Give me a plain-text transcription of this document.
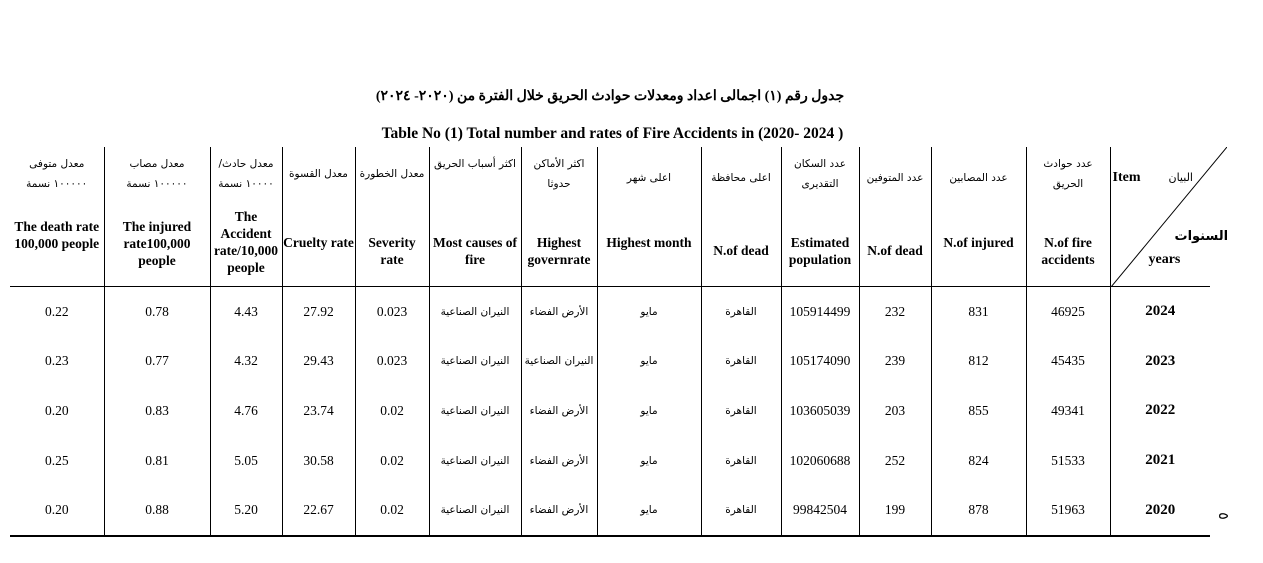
جدول رقم (١) اجمالى اعداد ومعدلات حوادث الحريق خلال الفترة من (٢٠٢٠- ٢٠٢٤)
Table No (1) Total number and rates of Fire Accidents in (2020- 2024 )
معدل متوفى
١٠٠٠٠٠ نسمة
The death rate 100,000 people	معدل مصاب
١٠٠٠٠٠ نسمة
The injured rate100,000 people	معدل حادث/
١٠٠٠٠ نسمة
The Accident rate/10,000 people	معدل القسوة
Cruelty rate	معدل الخطورة
Severity rate	اكثر أسباب الحريق
Most causes of fire	اكثر الأماكن
حدوثا
Highest governrate	اعلى شهر
Highest month	اعلى محافظة
N.of dead	عدد السكان
التقديرى
Estimated population	عدد المتوفين
N.of dead	عدد المصابين
N.of injured	عدد حوادث
الحريق
N.of fire accidents	Item البيان
السنوات
years

0.22	0.78	4.43	27.92	0.023	النيران الصناعية	الأرض الفضاء	مايو	القاهرة	105914499	232	831	46925	2024
0.23	0.77	4.32	29.43	0.023	النيران الصناعية	النيران الصناعية	مايو	القاهرة	105174090	239	812	45435	2023
0.20	0.83	4.76	23.74	0.02	النيران الصناعية	الأرض الفضاء	مايو	القاهرة	103605039	203	855	49341	2022
0.25	0.81	5.05	30.58	0.02	النيران الصناعية	الأرض الفضاء	مايو	القاهرة	102060688	252	824	51533	2021
0.20	0.88	5.20	22.67	0.02	النيران الصناعية	الأرض الفضاء	مايو	القاهرة	99842504	199	878	51963	2020	٥
